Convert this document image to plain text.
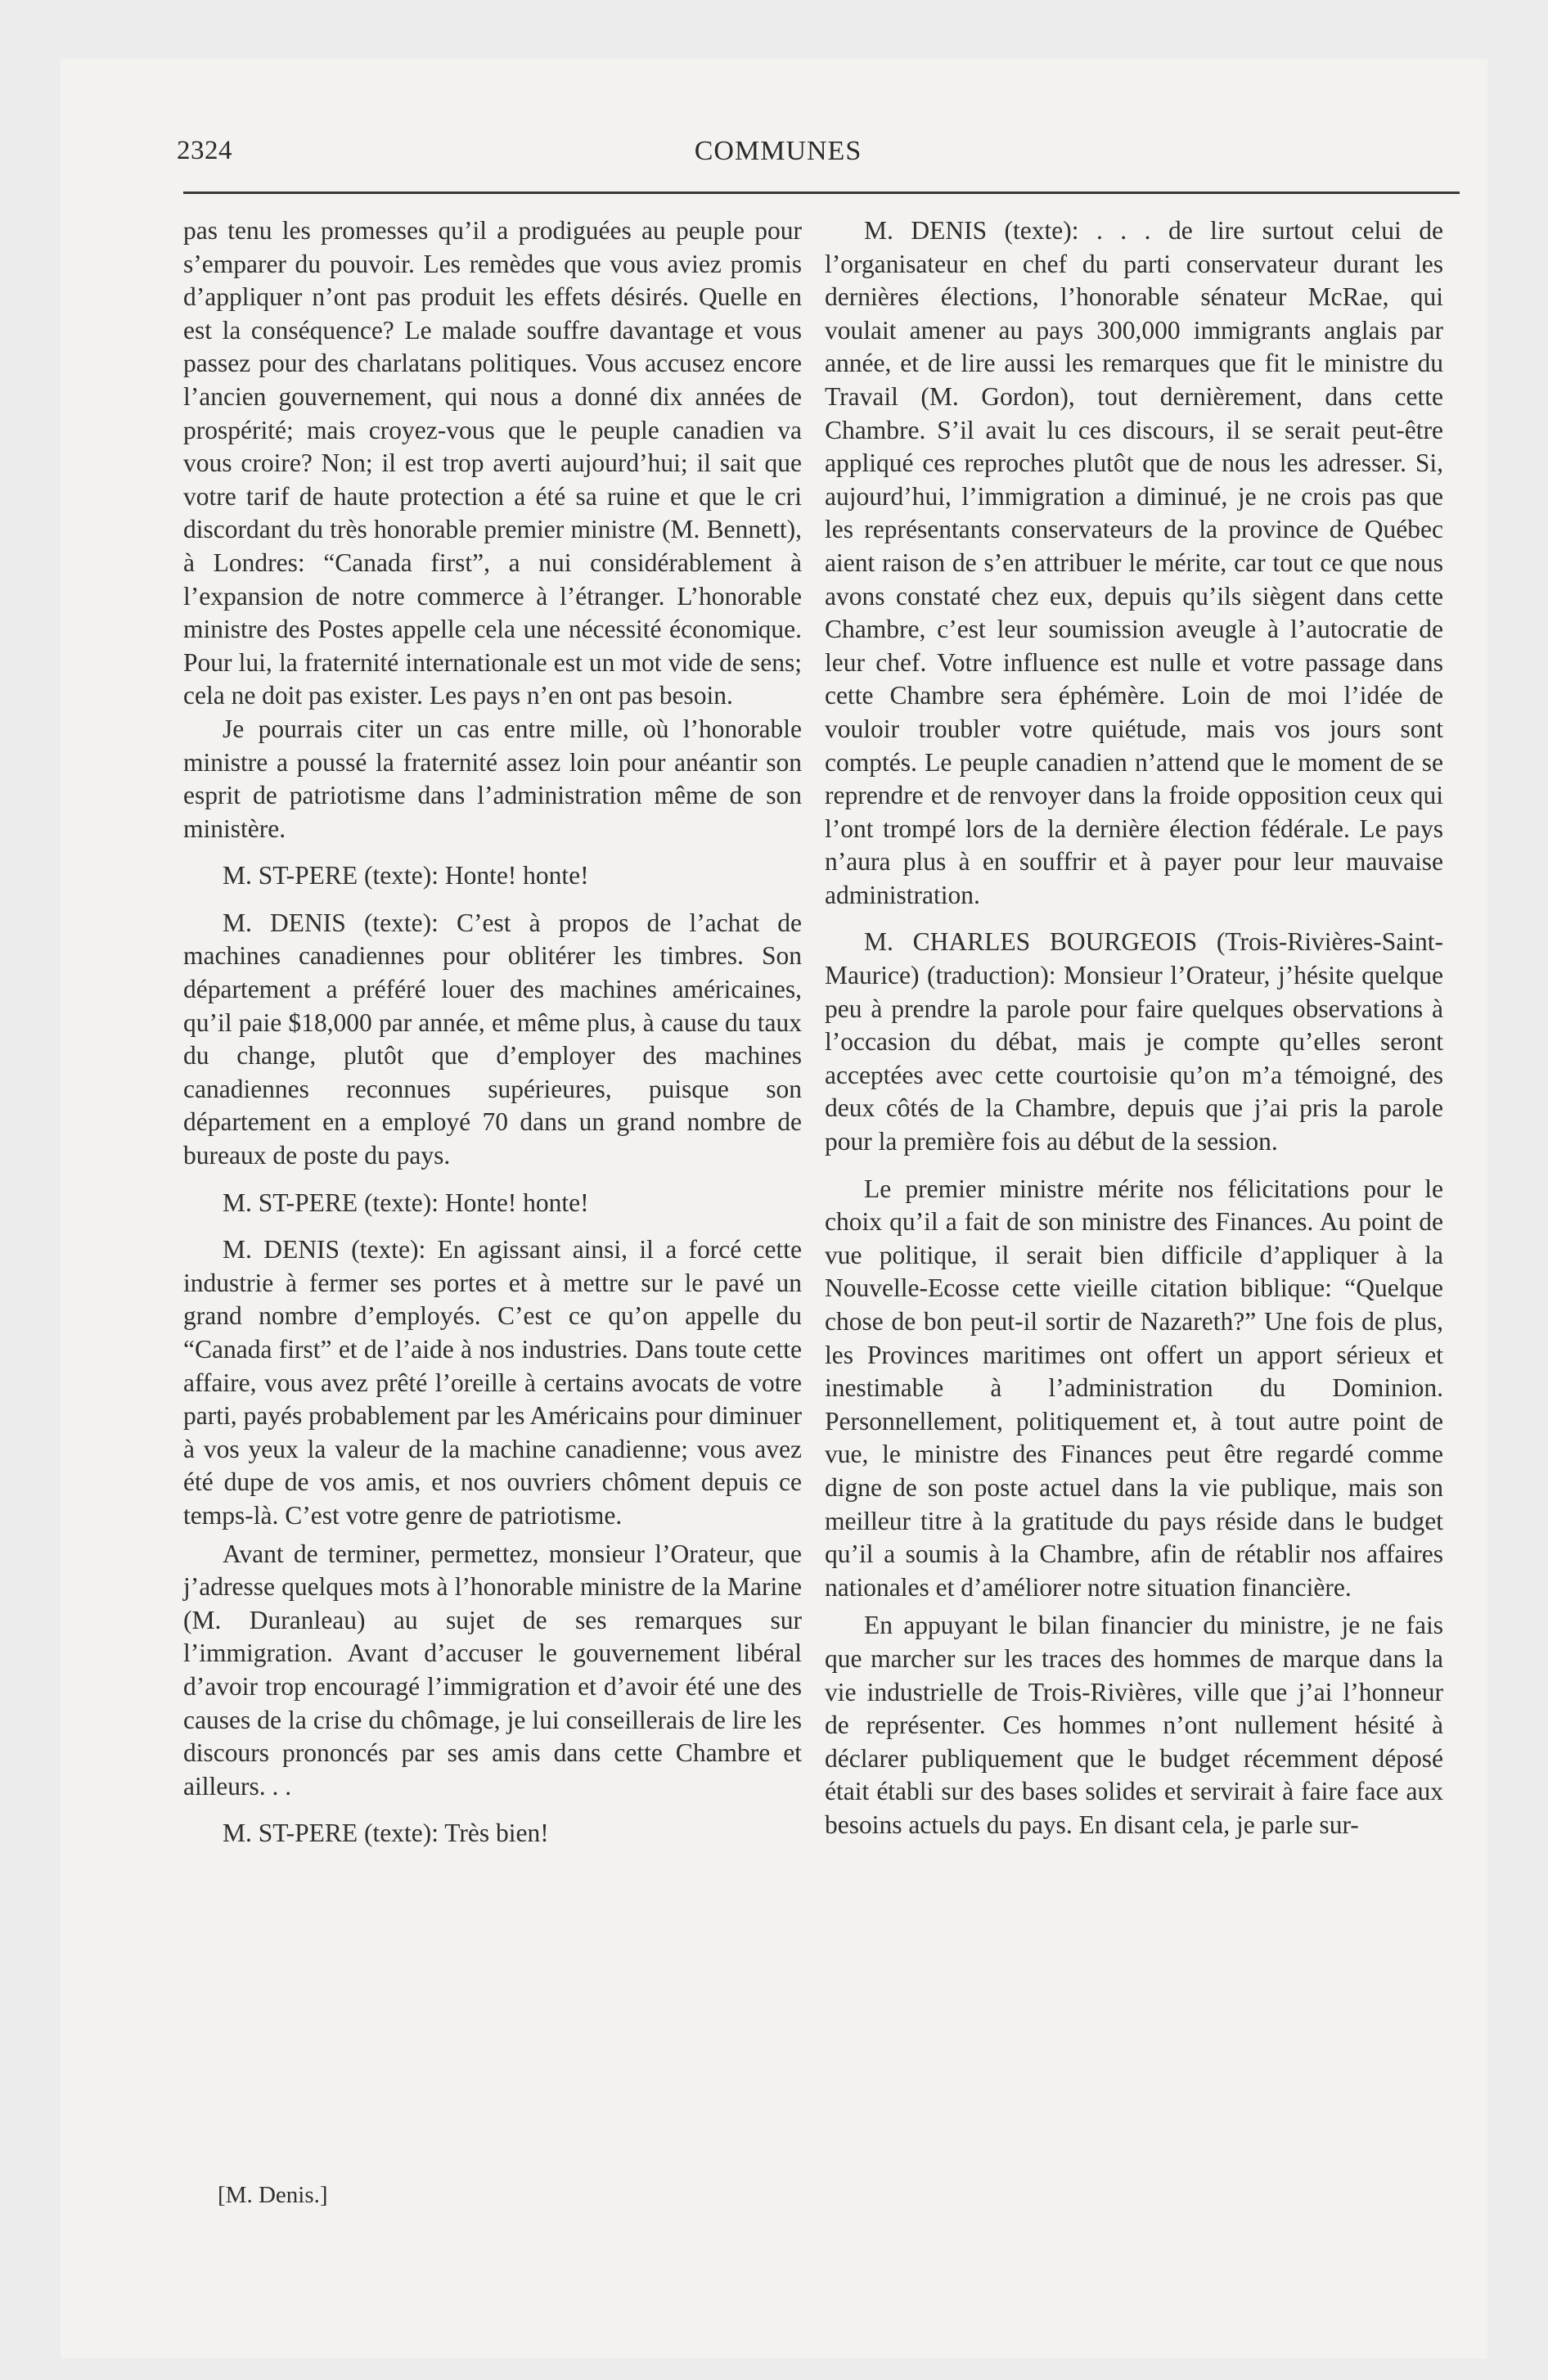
2324	COMMUNES

pas tenu les promesses qu’il a prodiguées au peuple pour s’emparer du pouvoir. Les remèdes que vous aviez promis d’appliquer n’ont pas produit les effets désirés. Quelle en est la conséquence? Le malade souffre davantage et vous passez pour des charlatans politiques. Vous accusez encore l’ancien gouvernement, qui nous a donné dix années de prospérité; mais croyez-vous que le peuple canadien va vous croire? Non; il est trop averti aujourd’hui; il sait que votre tarif de haute protection a été sa ruine et que le cri discordant du très honorable premier ministre (M. Bennett), à Londres: “Canada first”, a nui considérablement à l’expansion de notre commerce à l’étranger. L’honorable ministre des Postes appelle cela une nécessité économique. Pour lui, la fraternité internationale est un mot vide de sens; cela ne doit pas exister. Les pays n’en ont pas besoin.

Je pourrais citer un cas entre mille, où l’honorable ministre a poussé la fraternité assez loin pour anéantir son esprit de patriotisme dans l’administration même de son ministère.

M. ST-PERE (texte): Honte! honte!

M. DENIS (texte): C’est à propos de l’achat de machines canadiennes pour oblitérer les timbres. Son département a préféré louer des machines américaines, qu’il paie $18,000 par année, et même plus, à cause du taux du change, plutôt que d’employer des machines canadiennes reconnues supérieures, puisque son département en a employé 70 dans un grand nombre de bureaux de poste du pays.

M. ST-PERE (texte): Honte! honte!

M. DENIS (texte): En agissant ainsi, il a forcé cette industrie à fermer ses portes et à mettre sur le pavé un grand nombre d’employés. C’est ce qu’on appelle du “Canada first” et de l’aide à nos industries. Dans toute cette affaire, vous avez prêté l’oreille à certains avocats de votre parti, payés probablement par les Américains pour diminuer à vos yeux la valeur de la machine canadienne; vous avez été dupe de vos amis, et nos ouvriers chôment depuis ce temps-là. C’est votre genre de patriotisme.

Avant de terminer, permettez, monsieur l’Orateur, que j’adresse quelques mots à l’honorable ministre de la Marine (M. Duranleau) au sujet de ses remarques sur l’immigration. Avant d’accuser le gouvernement libéral d’avoir trop encouragé l’immigration et d’avoir été une des causes de la crise du chômage, je lui conseillerais de lire les discours prononcés par ses amis dans cette Chambre et ailleurs. . .

M. ST-PERE (texte): Très bien!

M. DENIS (texte): . . . de lire surtout celui de l’organisateur en chef du parti conservateur durant les dernières élections, l’honorable sénateur McRae, qui voulait amener au pays 300,000 immigrants anglais par année, et de lire aussi les remarques que fit le ministre du Travail (M. Gordon), tout dernièrement, dans cette Chambre. S’il avait lu ces discours, il se serait peut-être appliqué ces reproches plutôt que de nous les adresser. Si, aujourd’hui, l’immigration a diminué, je ne crois pas que les représentants conservateurs de la province de Québec aient raison de s’en attribuer le mérite, car tout ce que nous avons constaté chez eux, depuis qu’ils siègent dans cette Chambre, c’est leur soumission aveugle à l’autocratie de leur chef. Votre influence est nulle et votre passage dans cette Chambre sera éphémère. Loin de moi l’idée de vouloir troubler votre quiétude, mais vos jours sont comptés. Le peuple canadien n’attend que le moment de se reprendre et de renvoyer dans la froide opposition ceux qui l’ont trompé lors de la dernière élection fédérale. Le pays n’aura plus à en souffrir et à payer pour leur mauvaise administration.

M. CHARLES BOURGEOIS (Trois-Rivières-Saint-Maurice) (traduction): Monsieur l’Orateur, j’hésite quelque peu à prendre la parole pour faire quelques observations à l’occasion du débat, mais je compte qu’elles seront acceptées avec cette courtoisie qu’on m’a témoigné, des deux côtés de la Chambre, depuis que j’ai pris la parole pour la première fois au début de la session.

Le premier ministre mérite nos félicitations pour le choix qu’il a fait de son ministre des Finances. Au point de vue politique, il serait bien difficile d’appliquer à la Nouvelle-Ecosse cette vieille citation biblique: “Quelque chose de bon peut-il sortir de Nazareth?” Une fois de plus, les Provinces maritimes ont offert un apport sérieux et inestimable à l’administration du Dominion. Personnellement, politiquement et, à tout autre point de vue, le ministre des Finances peut être regardé comme digne de son poste actuel dans la vie publique, mais son meilleur titre à la gratitude du pays réside dans le budget qu’il a soumis à la Chambre, afin de rétablir nos affaires nationales et d’améliorer notre situation financière.

En appuyant le bilan financier du ministre, je ne fais que marcher sur les traces des hommes de marque dans la vie industrielle de Trois-Rivières, ville que j’ai l’honneur de représenter. Ces hommes n’ont nullement hésité à déclarer publiquement que le budget récemment déposé était établi sur des bases solides et servirait à faire face aux besoins actuels du pays. En disant cela, je parle sur-

[M. Denis.]
